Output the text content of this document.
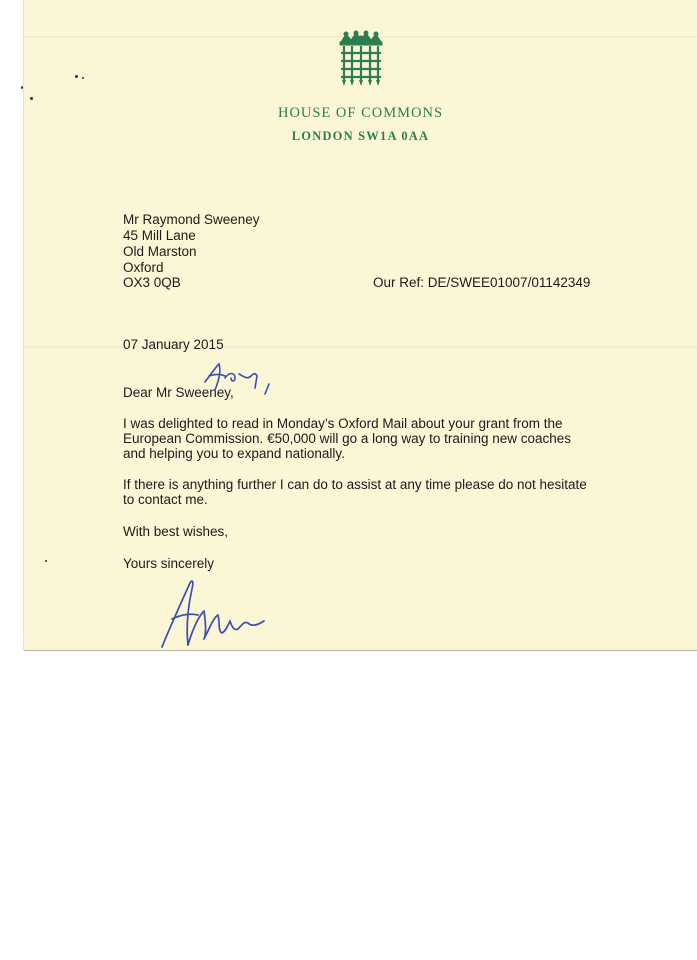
HOUSE OF COMMONS
LONDON SW1A 0AA
Mr Raymond Sweeney
45 Mill Lane
Old Marston
Oxford
OX3 0QB	Our Ref: DE/SWEE01007/01142349
07 January 2015
Dear Mr Sweeney,
I was delighted to read in Monday’s Oxford Mail about your grant from the
European Commission. €50,000 will go a long way to training new coaches
and helping you to expand nationally.
If there is anything further I can do to assist at any time please do not hesitate
to contact me.
With best wishes,
Yours sincerely
